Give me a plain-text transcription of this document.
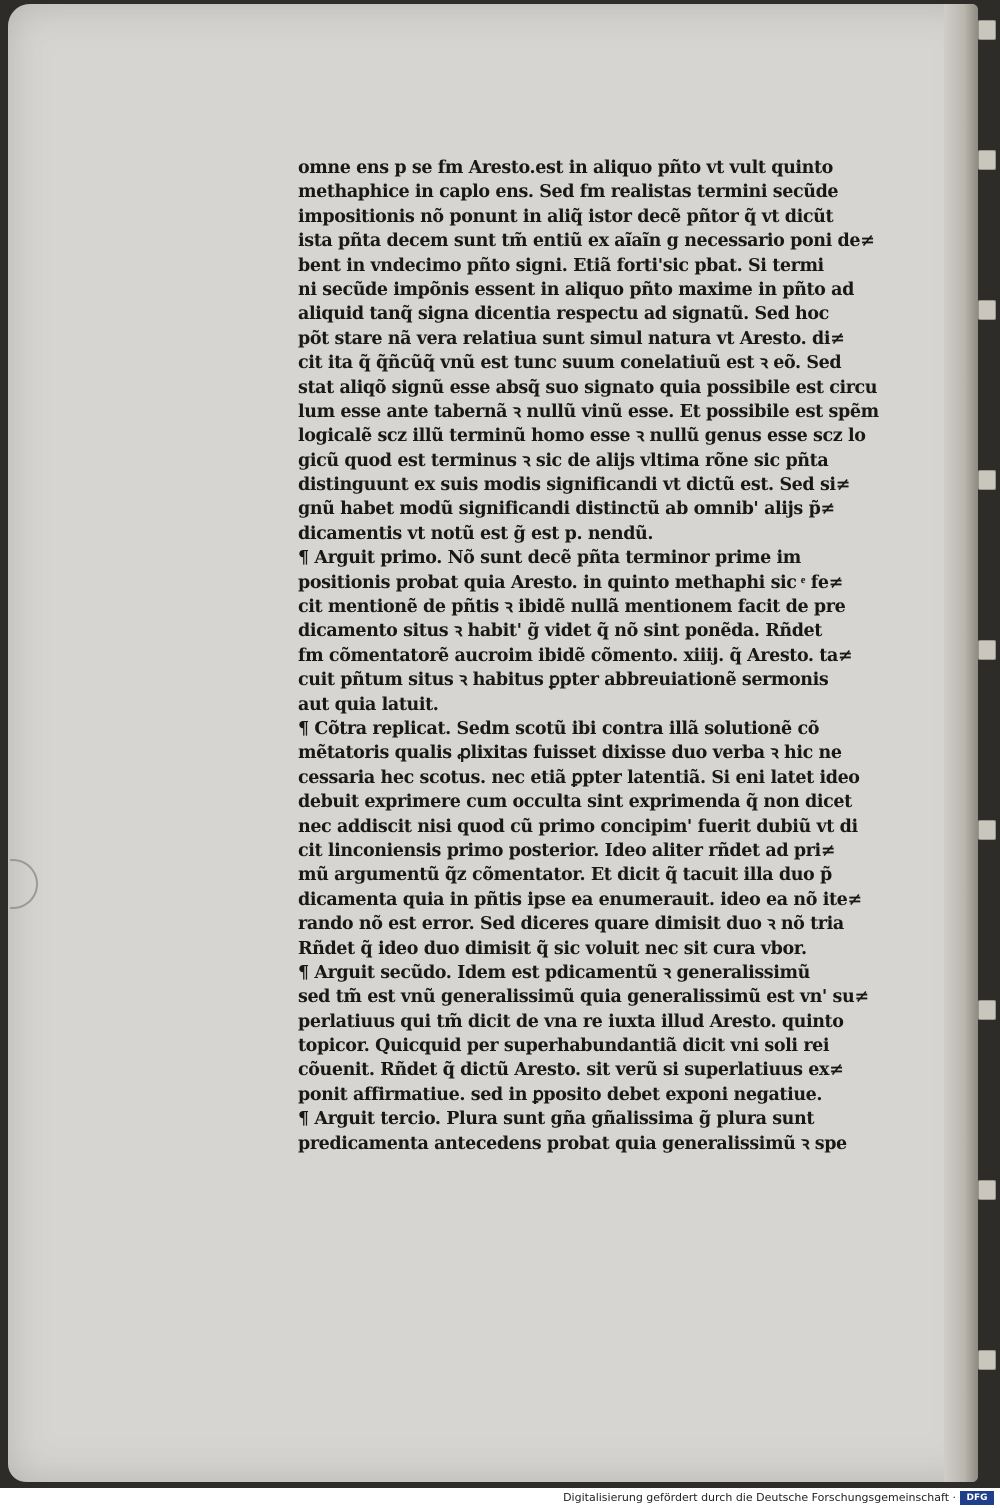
omne ens p se fm Aresto.est in aliquo pñto vt vult quinto
methaphice in caplo ens. Sed fm realistas termini secũde
impositionis nõ ponunt in aliq̃ istor decẽ pñtor q̃ vt dicũt
ista pñta decem sunt tm̃ entiũ ex aĩaĩn g necessario poni de≠
bent in vndecimo pñto signi. Etiã forti'sic pbat. Si termi
ni secũde impõnis essent in aliquo pñto maxime in pñto ad
aliquid tanq̃ signa dicentia respectu ad signatũ. Sed hoc
põt stare nã vera relatiua sunt simul natura vt Aresto. di≠
cit ita q̃ q̃ñcũq̃ vnũ est tunc suum conelatiuũ est ꝛ eõ. Sed
stat aliqõ signũ esse absq̃ suo signato quia possibile est circu
lum esse ante tabernã ꝛ nullũ vinũ esse. Et possibile est spẽm
logicalẽ scz illũ terminũ homo esse ꝛ nullũ genus esse scz lo
gicũ quod est terminus ꝛ sic de alijs vltima rõne sic pñta
distinguunt ex suis modis significandi vt dictũ est. Sed si≠
gnũ habet modũ significandi distinctũ ab omnib' alijs p̃≠
dicamentis vt notũ est g̃ est p. nendũ.
¶ Arguit primo. Nõ sunt decẽ pñta terminor prime im
positionis probat quia Aresto. in quinto methaphi sic ͤ fe≠
cit mentionẽ de pñtis ꝛ ibidẽ nullã mentionem facit de pre
dicamento situs ꝛ habit' g̃ videt q̃ nõ sint ponẽda. Rñdet
fm cõmentatorẽ aucroim ibidẽ cõmento. xiiij. q̃ Aresto. ta≠
cuit pñtum situs ꝛ habitus ꝑpter abbreuiationẽ sermonis
aut quia latuit.
¶ Cõtra replicat. Sedm scotũ ibi contra illã solutionẽ cõ
mẽtatoris qualis ꝓlixitas fuisset dixisse duo verba ꝛ hic ne
cessaria hec scotus. nec etiã ꝑpter latentiã. Si eni latet ideo
debuit exprimere cum occulta sint exprimenda q̃ non dicet
nec addiscit nisi quod cũ primo concipim' fuerit dubiũ vt di
cit linconiensis primo posterior. Ideo aliter rñdet ad pri≠
mũ argumentũ q̃z cõmentator. Et dicit q̃ tacuit illa duo p̃
dicamenta quia in pñtis ipse ea enumerauit. ideo ea nõ ite≠
rando nõ est error. Sed diceres quare dimisit duo ꝛ nõ tria
Rñdet q̃ ideo duo dimisit q̃ sic voluit nec sit cura vbor.
¶ Arguit secũdo. Idem est pdicamentũ ꝛ generalissimũ
sed tm̃ est vnũ generalissimũ quia generalissimũ est vn' su≠
perlatiuus qui tm̃ dicit de vna re iuxta illud Aresto. quinto
topicor. Quicquid per superhabundantiã dicit vni soli rei
cõuenit. Rñdet q̃ dictũ Aresto. sit verũ si superlatiuus ex≠
ponit affirmatiue. sed in ꝑposito debet exponi negatiue.
¶ Arguit tercio. Plura sunt gña gñalissima g̃ plura sunt
predicamenta antecedens probat quia generalissimũ ꝛ spe
Digitalisierung gefördert durch die Deutsche Forschungsgemeinschaft ·	DFG
